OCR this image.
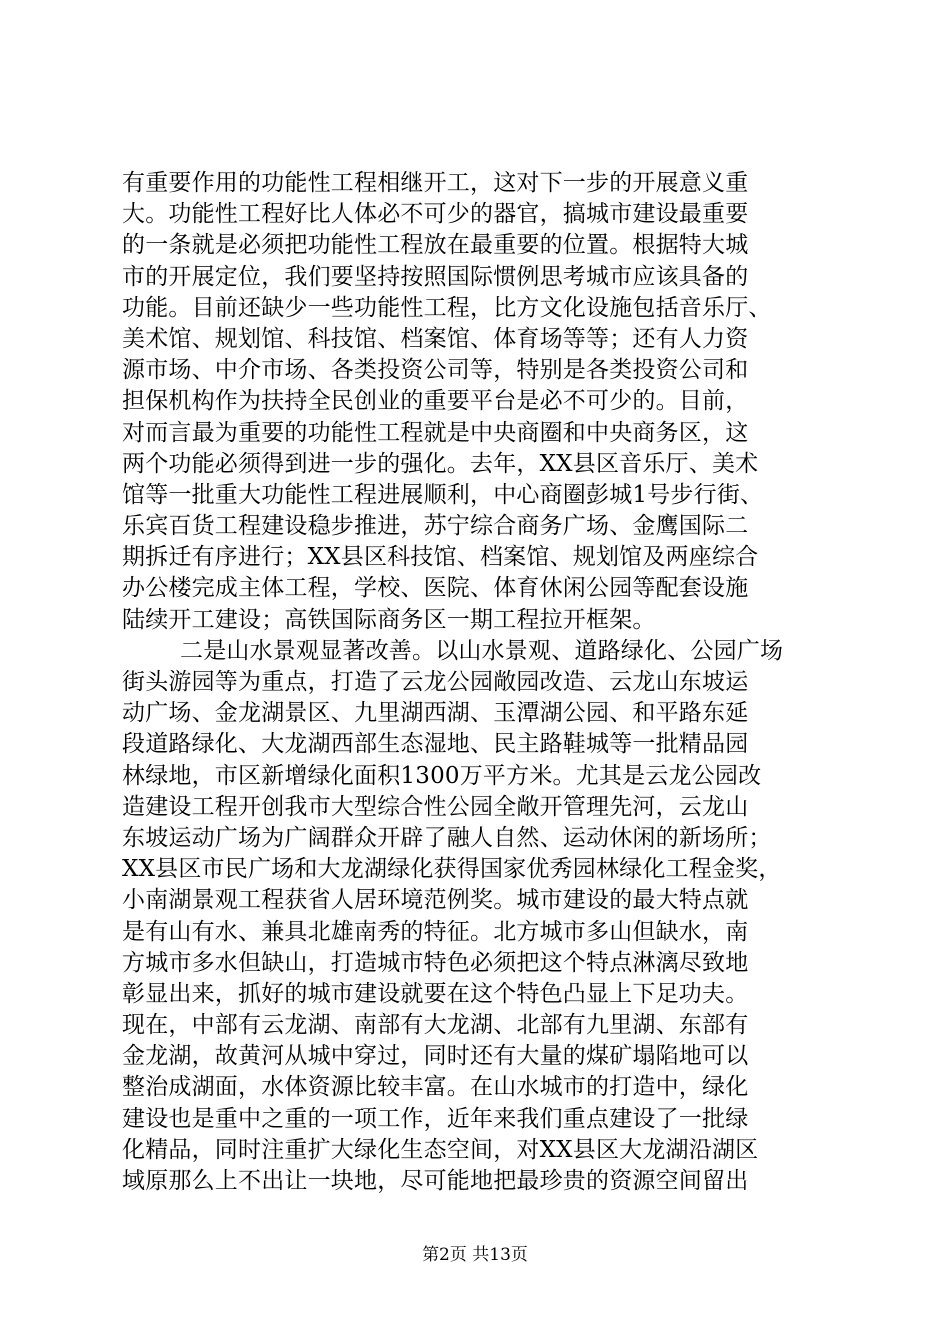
有重要作用的功能性工程相继开工，这对下一步的开展意义重
大。功能性工程好比人体必不可少的器官，搞城市建设最重要
的一条就是必须把功能性工程放在最重要的位置。根据特大城
市的开展定位，我们要坚持按照国际惯例思考城市应该具备的
功能。目前还缺少一些功能性工程，比方文化设施包括音乐厅、
美术馆、规划馆、科技馆、档案馆、体育场等等；还有人力资
源市场、中介市场、各类投资公司等，特别是各类投资公司和
担保机构作为扶持全民创业的重要平台是必不可少的。目前，
对而言最为重要的功能性工程就是中央商圈和中央商务区，这
两个功能必须得到进一步的强化。去年，XX县区音乐厅、美术
馆等一批重大功能性工程进展顺利，中心商圈彭城1号步行街、
乐宾百货工程建设稳步推进，苏宁综合商务广场、金鹰国际二
期拆迁有序进行；XX县区科技馆、档案馆、规划馆及两座综合
办公楼完成主体工程，学校、医院、体育休闲公园等配套设施
陆续开工建设；高铁国际商务区一期工程拉开框架。
二是山水景观显著改善。以山水景观、道路绿化、公园广场
街头游园等为重点，打造了云龙公园敞园改造、云龙山东坡运
动广场、金龙湖景区、九里湖西湖、玉潭湖公园、和平路东延
段道路绿化、大龙湖西部生态湿地、民主路鞋城等一批精品园
林绿地，市区新增绿化面积1300万平方米。尤其是云龙公园改
造建设工程开创我市大型综合性公园全敞开管理先河，云龙山
东坡运动广场为广阔群众开辟了融人自然、运动休闲的新场所；
XX县区市民广场和大龙湖绿化获得国家优秀园林绿化工程金奖，
小南湖景观工程获省人居环境范例奖。城市建设的最大特点就
是有山有水、兼具北雄南秀的特征。北方城市多山但缺水，南
方城市多水但缺山，打造城市特色必须把这个特点淋漓尽致地
彰显出来，抓好的城市建设就要在这个特色凸显上下足功夫。
现在，中部有云龙湖、南部有大龙湖、北部有九里湖、东部有
金龙湖，故黄河从城中穿过，同时还有大量的煤矿塌陷地可以
整治成湖面，水体资源比较丰富。在山水城市的打造中，绿化
建设也是重中之重的一项工作，近年来我们重点建设了一批绿
化精品，同时注重扩大绿化生态空间，对XX县区大龙湖沿湖区
域原那么上不出让一块地，尽可能地把最珍贵的资源空间留出
第2页 共13页
